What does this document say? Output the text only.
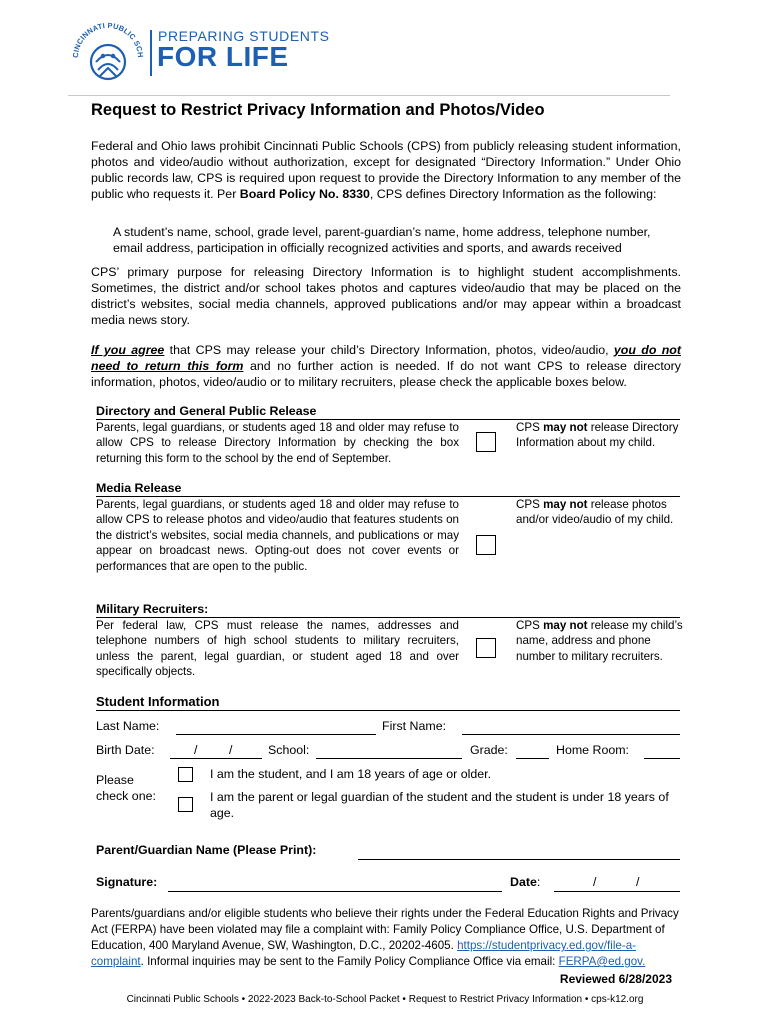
CINCINNATI PUBLIC SCH
PREPARING STUDENTS
FOR LIFE
Request to Restrict Privacy Information and Photos/Video
Federal and Ohio laws prohibit Cincinnati Public Schools (CPS) from publicly releasing student information, photos and video/audio without authorization, except for designated “Directory Information.” Under Ohio public records law, CPS is required upon request to provide the Directory Information to any member of the public who requests it. Per Board Policy No. 8330, CPS defines Directory Information as the following:
A student’s name, school, grade level, parent-guardian’s name, home address, telephone number, email address, participation in officially recognized activities and sports, and awards received
CPS’ primary purpose for releasing Directory Information is to highlight student accomplishments. Sometimes, the district and/or school takes photos and captures video/audio that may be placed on the district’s websites, social media channels, approved publications and/or may appear within a broadcast media news story.
If you agree that CPS may release your child’s Directory Information, photos, video/audio, you do not need to return this form and no further action is needed. If do not want CPS to release directory information, photos, video/audio or to military recruiters, please check the applicable boxes below.
Directory and General Public Release
Parents, legal guardians, or students aged 18 and older may refuse to allow CPS to release Directory Information by checking the box returning this form to the school by the end of September.
CPS may not release Directory Information about my child.
Media Release
Parents, legal guardians, or students aged 18 and older may refuse to allow CPS to release photos and video/audio that features students on the district’s websites, social media channels, and publications or may appear on broadcast news. Opting-out does not cover events or performances that are open to the public.
CPS may not release photos and/or video/audio of my child.
Military Recruiters:
Per federal law, CPS must release the names, addresses and telephone numbers of high school students to military recruiters, unless the parent, legal guardian, or student aged 18 and over specifically objects.
CPS may not release my child’s name, address and phone number to military recruiters.
Student Information
Last Name:	First Name:
Birth Date:	/	/	School:	Grade:	Home Room:
Please check one:
I am the student, and I am 18 years of age or older.
I am the parent or legal guardian of the student and the student is under 18 years of age.
Parent/Guardian Name (Please Print):
Signature:	Date:	/	/
Parents/guardians and/or eligible students who believe their rights under the Federal Education Rights and Privacy Act (FERPA) have been violated may file a complaint with: Family Policy Compliance Office, U.S. Department of Education, 400 Maryland Avenue, SW, Washington, D.C., 20202-4605. https://studentprivacy.ed.gov/file-a-complaint. Informal inquiries may be sent to the Family Policy Compliance Office via email: FERPA@ed.gov.
Reviewed 6/28/2023
Cincinnati Public Schools • 2022-2023 Back-to-School Packet • Request to Restrict Privacy Information • cps-k12.org
